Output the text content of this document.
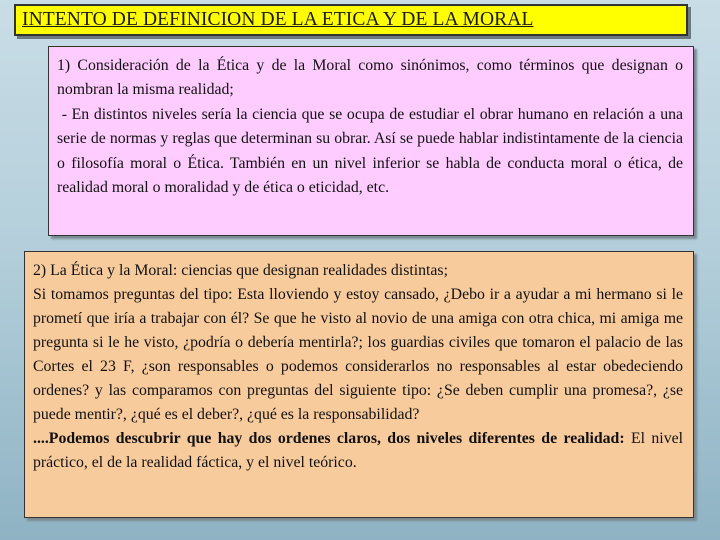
INTENTO DE DEFINICION DE LA ETICA Y DE LA MORAL

1) Consideración de la Ética y de la Moral como sinónimos, como términos que designan o nombran la misma realidad;

- En distintos niveles sería la ciencia que se ocupa de estudiar el obrar humano en relación a una serie de normas y reglas que determinan su obrar. Así se puede hablar indistintamente de la ciencia o filosofía moral o Ética. También en un nivel inferior se habla de conducta moral o ética, de realidad moral o moralidad y de ética o eticidad, etc.

2) La Ética y la Moral: ciencias que designan realidades distintas;

Si tomamos preguntas del tipo: Esta lloviendo y estoy cansado, ¿Debo ir a ayudar a mi hermano si le prometí que iría a trabajar con él? Se que he visto al novio de una amiga con otra chica, mi amiga me pregunta si le he visto, ¿podría o debería mentirla?; los guardias civiles que tomaron el palacio de las Cortes el 23 F, ¿son responsables o podemos considerarlos no responsables al estar obedeciendo ordenes? y las comparamos con preguntas del siguiente tipo: ¿Se deben cumplir una promesa?, ¿se puede mentir?, ¿qué es el deber?, ¿qué es la responsabilidad?
....Podemos descubrir que hay dos ordenes claros, dos niveles diferentes de realidad: El nivel práctico, el de la realidad fáctica, y el nivel teórico.
